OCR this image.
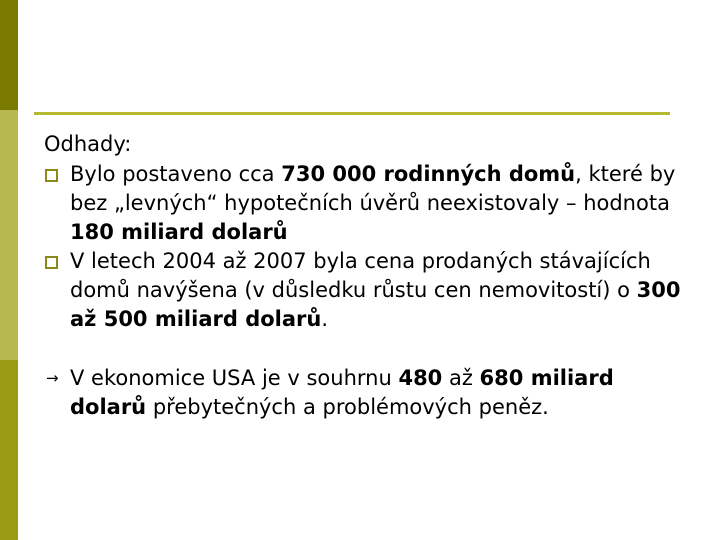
Odhady:
Bylo postaveno cca 730 000 rodinných domů, které by bez „levných“ hypotečních úvěrů neexistovaly – hodnota 180 miliard dolarů
V letech 2004 až 2007 byla cena prodaných stávajících domů navýšena (v důsledku růstu cen nemovitostí) o 300 až 500 miliard dolarů.
→ V ekonomice USA je v souhrnu 480 až 680 miliard dolarů přebytečných a problémových peněz.
